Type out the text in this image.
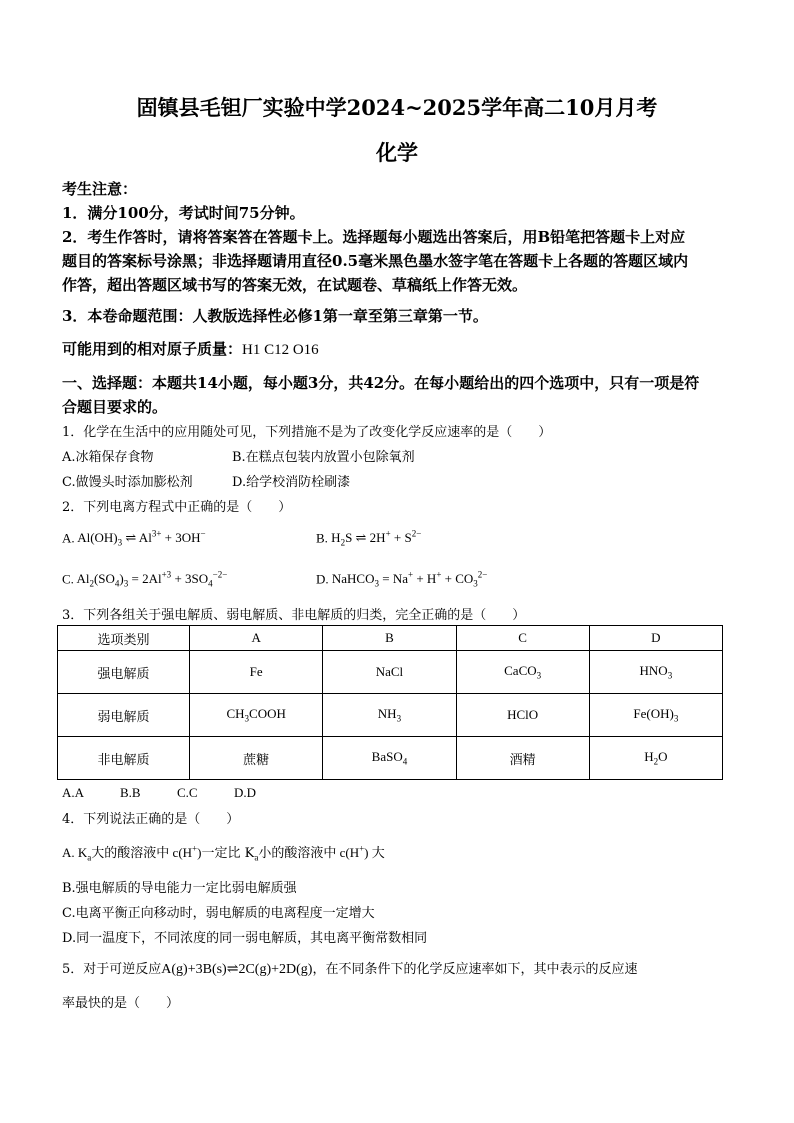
固镇县毛钽厂实验中学2024~2025学年高二10月月考
化学
考生注意：
1．满分100分，考试时间75分钟。
2．考生作答时，请将答案答在答题卡上。选择题每小题选出答案后，用B铅笔把答题卡上对应
题目的答案标号涂黑；非选择题请用直径0.5毫米黑色墨水签字笔在答题卡上各题的答题区域内
作答，超出答题区域书写的答案无效，在试题卷、草稿纸上作答无效。
3．本卷命题范围：人教版选择性必修1第一章至第三章第一节。
可能用到的相对原子质量：H1 C12 O16
一、选择题：本题共14小题，每小题3分，共42分。在每小题给出的四个选项中，只有一项是符
合题目要求的。
1．化学在生活中的应用随处可见，下列措施不是为了改变化学反应速率的是（　　）
A.冰箱保存食物	B.在糕点包装内放置小包除氧剂
C.做馒头时添加膨松剂	D.给学校消防栓刷漆
2．下列电离方程式中正确的是（　　）
A. $Al(OH)_3$ ⇌ $Al^{3+} + 3OH^-$	B. $H_2S$ ⇌ $2H^+ + S^{2-}$
C. $Al_2(SO_4)_3 = 2Al^{+3} + 3SO_4^{-2-}$	D. NaHCO$_3$ = $Na^+ + H^+ + CO_3^{2-}$
3．下列各组关于强电解质、弱电解质、非电解质的归类，完全正确的是（　　）
选项类别	A	B	C	D
强电解质	Fe	NaCl	CaCO$_3$	$HNO_3$
弱电解质	$CH_3COOH$	$NH_3$	HClO	$Fe(OH)_3$
非电解质	蔗糖	BaSO$_4$	酒精	$H_2O$
A.A	B.B	C.C	D.D
4．下列说法正确的是（　　）
A. $K_a$大的酸溶液中 c(H+)一定比 $K_a$小的酸溶液中 c(H+) 大
B.强电解质的导电能力一定比弱电解质强
C.电离平衡正向移动时，弱电解质的电离程度一定增大
D.同一温度下，不同浓度的同一弱电解质，其电离平衡常数相同
5．对于可逆反应A(g)+3B(s)⇌2C(g)+2D(g)，在不同条件下的化学反应速率如下，其中表示的反应速
率最快的是（　　）
